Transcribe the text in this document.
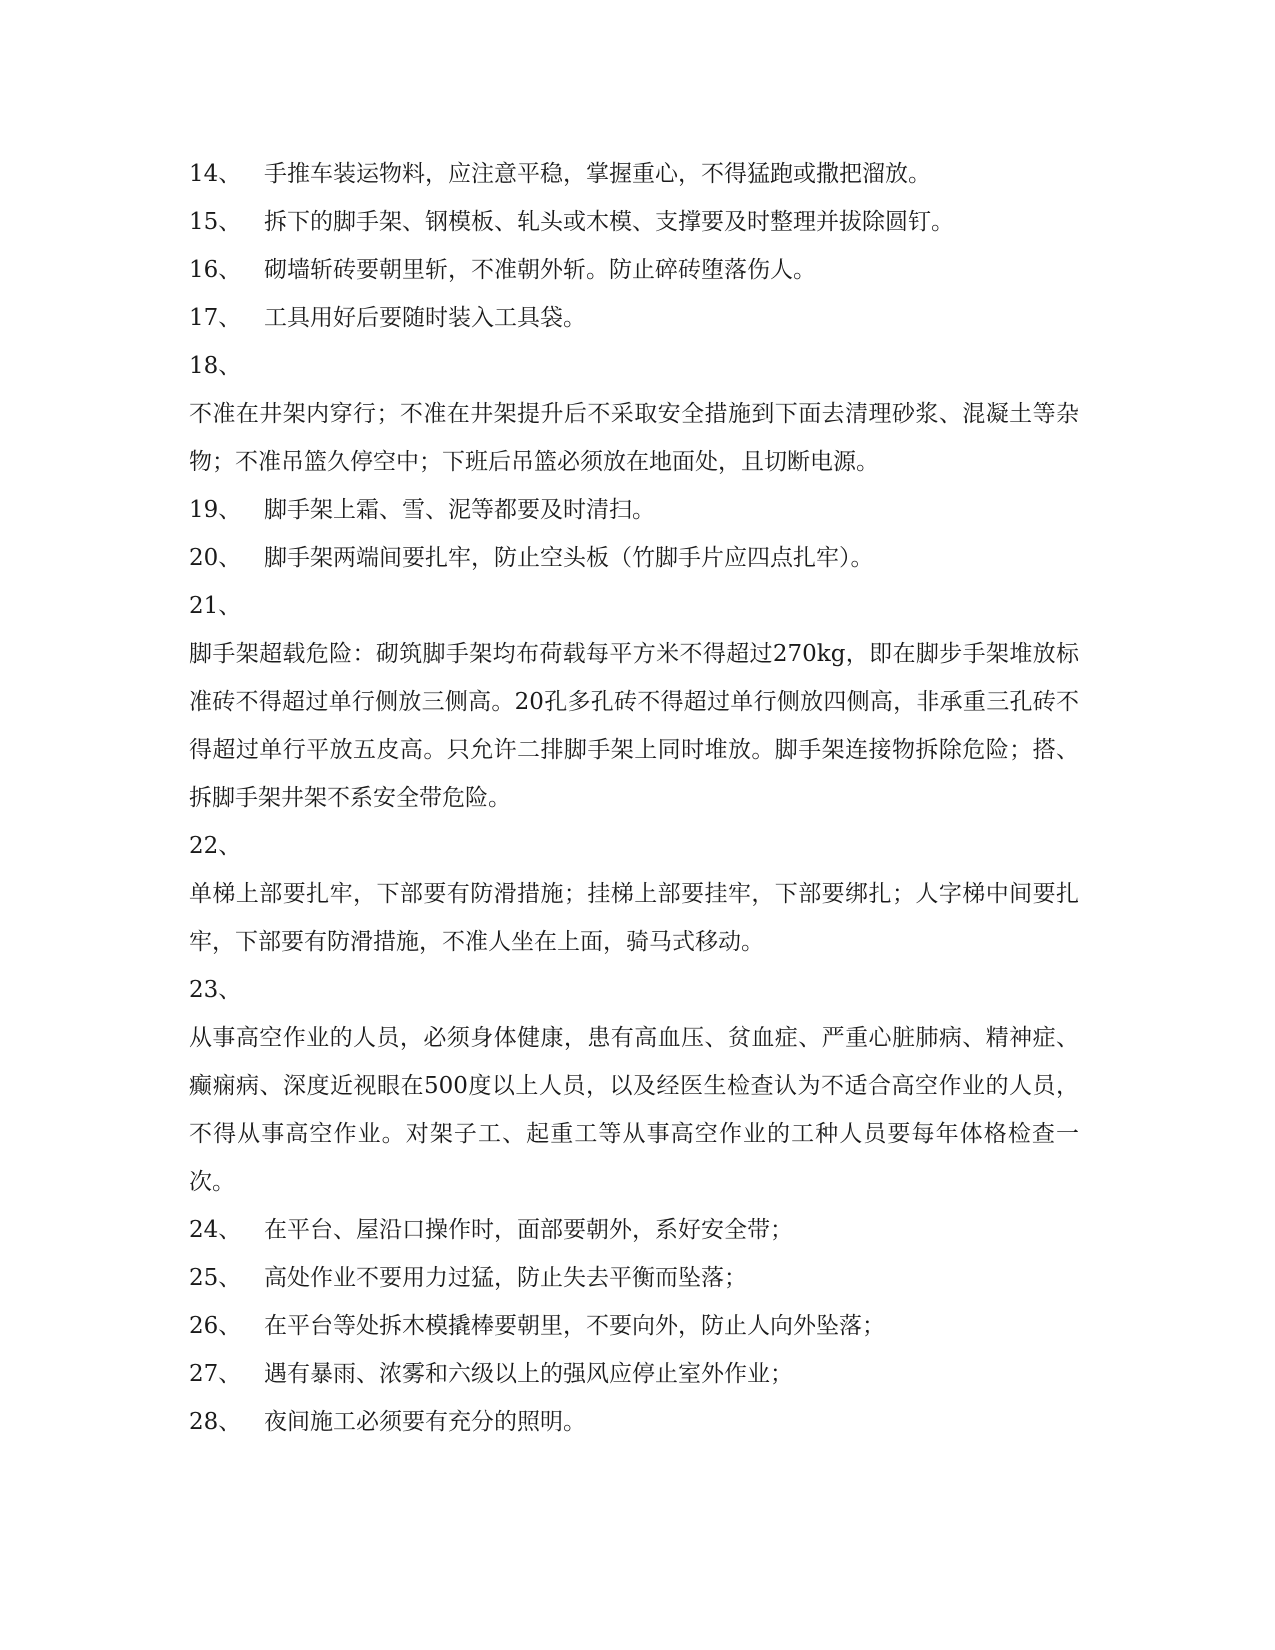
14、 手推车装运物料，应注意平稳，掌握重心，不得猛跑或撒把溜放。

15、 拆下的脚手架、钢模板、轧头或木模、支撑要及时整理并拔除圆钉。

16、 砌墙斩砖要朝里斩，不准朝外斩。防止碎砖堕落伤人。

17、 工具用好后要随时装入工具袋。

18、
不准在井架内穿行；不准在井架提升后不采取安全措施到下面去清理砂浆、混凝土等杂物；不准吊篮久停空中；下班后吊篮必须放在地面处，且切断电源。

19、 脚手架上霜、雪、泥等都要及时清扫。

20、 脚手架两端间要扎牢，防止空头板（竹脚手片应四点扎牢）。

21、
脚手架超载危险：砌筑脚手架均布荷载每平方米不得超过270kg，即在脚步手架堆放标准砖不得超过单行侧放三侧高。20孔多孔砖不得超过单行侧放四侧高，非承重三孔砖不得超过单行平放五皮高。只允许二排脚手架上同时堆放。脚手架连接物拆除危险；搭、拆脚手架井架不系安全带危险。

22、
单梯上部要扎牢，下部要有防滑措施；挂梯上部要挂牢，下部要绑扎；人字梯中间要扎牢，下部要有防滑措施，不准人坐在上面，骑马式移动。

23、
从事高空作业的人员，必须身体健康，患有高血压、贫血症、严重心脏肺病、精神症、癫痫病、深度近视眼在500度以上人员，以及经医生检查认为不适合高空作业的人员，不得从事高空作业。对架子工、起重工等从事高空作业的工种人员要每年体格检查一次。

24、 在平台、屋沿口操作时，面部要朝外，系好安全带；

25、 高处作业不要用力过猛，防止失去平衡而坠落；

26、 在平台等处拆木模撬棒要朝里，不要向外，防止人向外坠落；

27、 遇有暴雨、浓雾和六级以上的强风应停止室外作业；

28、 夜间施工必须要有充分的照明。
